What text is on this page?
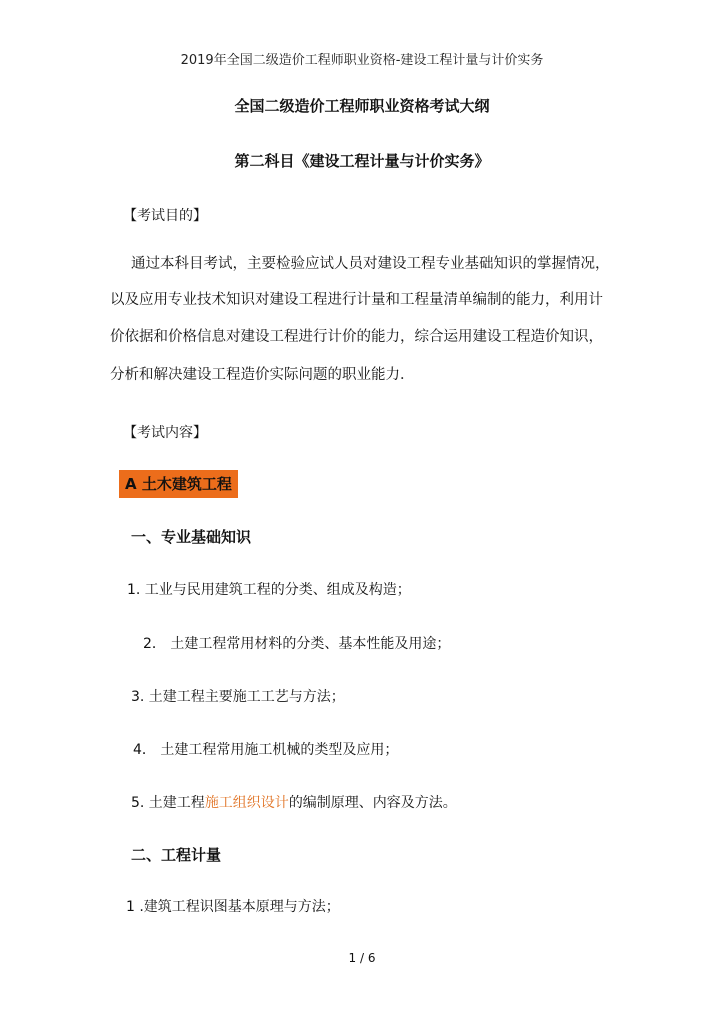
2019年全国二级造价工程师职业资格-建设工程计量与计价实务
全国二级造价工程师职业资格考试大纲
第二科目《建设工程计量与计价实务》
【考试目的】
通过本科目考试，主要检验应试人员对建设工程专业基础知识的掌握情况，
以及应用专业技术知识对建设工程进行计量和工程量清单编制的能力，利用计
价依据和价格信息对建设工程进行计价的能力，综合运用建设工程造价知识，
分析和解决建设工程造价实际问题的职业能力．
【考试内容】
A 土木建筑工程
一、专业基础知识
1. 工业与民用建筑工程的分类、组成及构造；
2． 土建工程常用材料的分类、基本性能及用途；
3. 土建工程主要施工工艺与方法；
4． 土建工程常用施工机械的类型及应用；
5. 土建工程施工组织设计的编制原理、内容及方法。
二、工程计量
1 .建筑工程识图基本原理与方法；
1 / 6
